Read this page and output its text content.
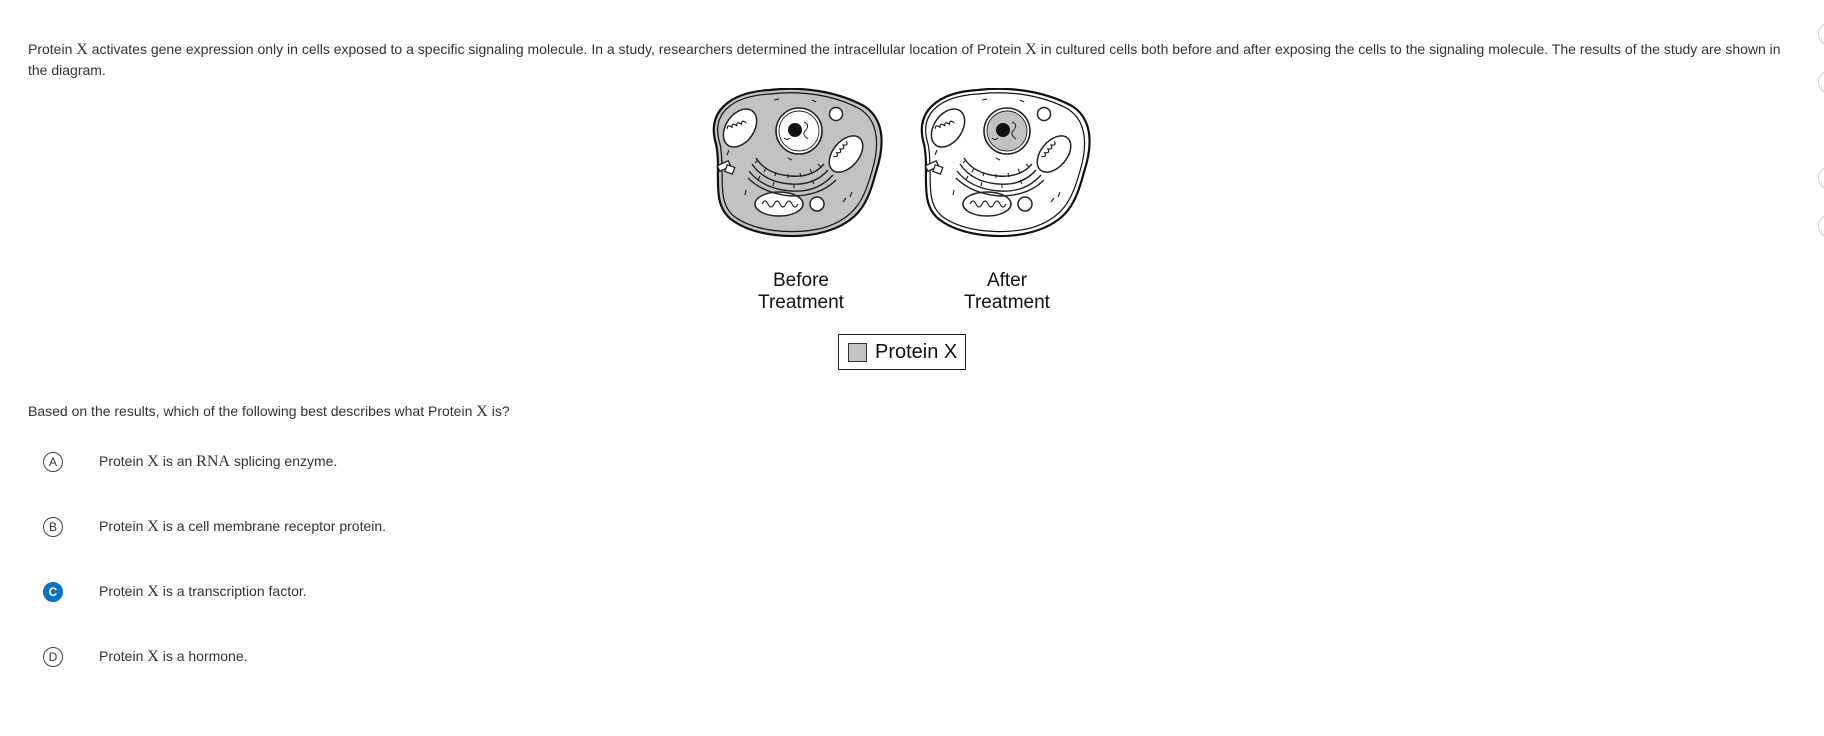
Protein X activates gene expression only in cells exposed to a specific signaling molecule. In a study, researchers determined the intracellular location of Protein X in cultured cells both before and after exposing the cells to the signaling molecule. The results of the study are shown in the diagram.
Before
Treatment
After
Treatment
Protein X
Based on the results, which of the following best describes what Protein X is?
A	Protein X is an RNA splicing enzyme.
B	Protein X is a cell membrane receptor protein.
C	Protein X is a transcription factor.
D	Protein X is a hormone.
